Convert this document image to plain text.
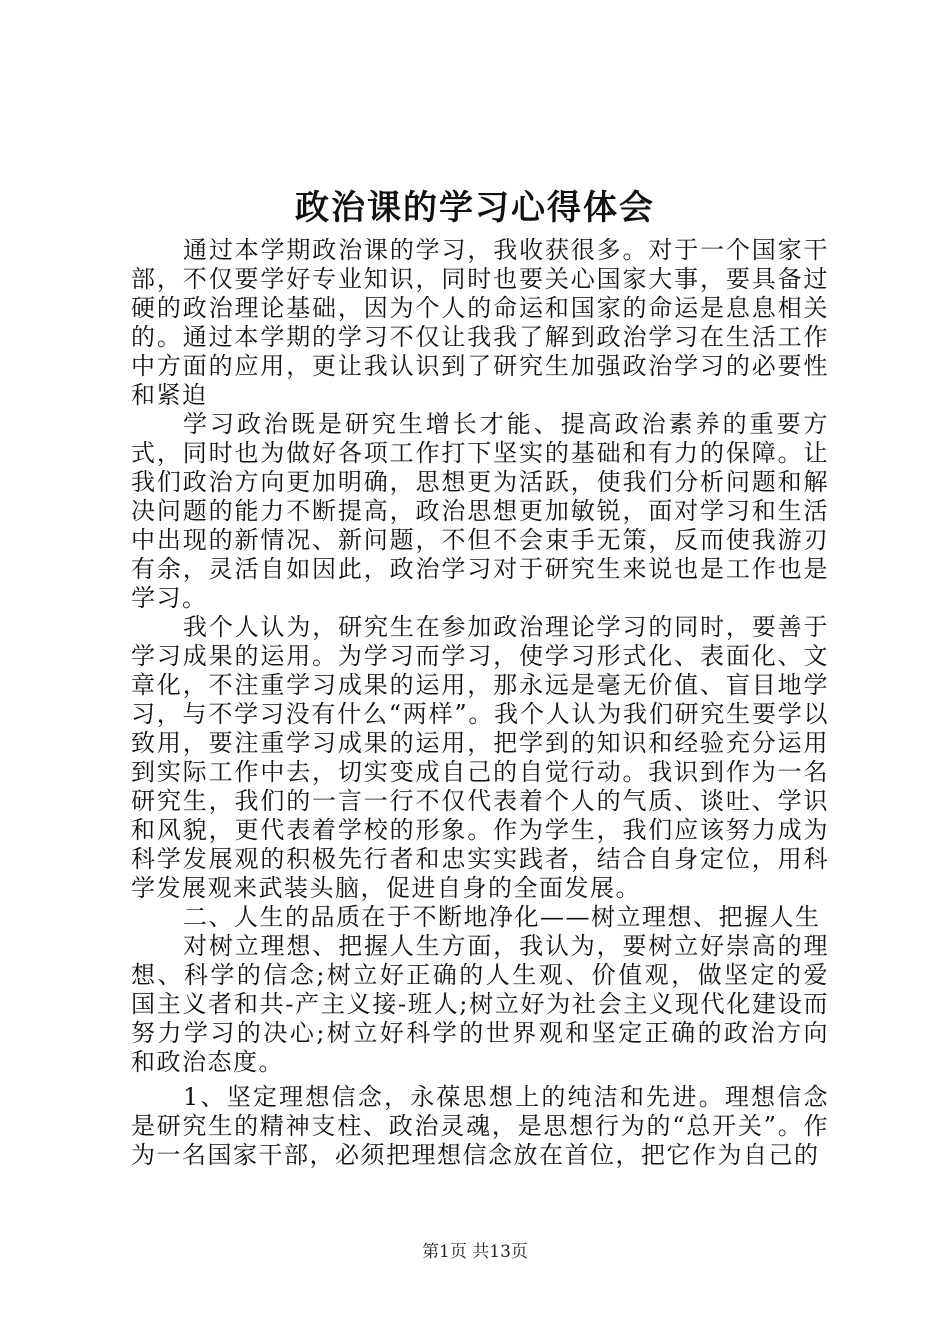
政治课的学习心得体会

通过本学期政治课的学习，我收获很多。对于一个国家干部，不仅要学好专业知识，同时也要关心国家大事，要具备过硬的政治理论基础，因为个人的命运和国家的命运是息息相关的。通过本学期的学习不仅让我我了解到政治学习在生活工作中方面的应用，更让我认识到了研究生加强政治学习的必要性和紧迫

学习政治既是研究生增长才能、提高政治素养的重要方式，同时也为做好各项工作打下坚实的基础和有力的保障。让我们政治方向更加明确，思想更为活跃，使我们分析问题和解决问题的能力不断提高，政治思想更加敏锐，面对学习和生活中出现的新情况、新问题，不但不会束手无策，反而使我游刃有余，灵活自如因此，政治学习对于研究生来说也是工作也是学习。

我个人认为，研究生在参加政治理论学习的同时，要善于学习成果的运用。为学习而学习，使学习形式化、表面化、文章化，不注重学习成果的运用，那永远是毫无价值、盲目地学习，与不学习没有什么“两样”。我个人认为我们研究生要学以致用，要注重学习成果的运用，把学到的知识和经验充分运用到实际工作中去，切实变成自己的自觉行动。我识到作为一名研究生，我们的一言一行不仅代表着个人的气质、谈吐、学识和风貌，更代表着学校的形象。作为学生，我们应该努力成为科学发展观的积极先行者和忠实实践者，结合自身定位，用科学发展观来武装头脑，促进自身的全面发展。

二、人生的品质在于不断地净化——树立理想、把握人生

对树立理想、把握人生方面，我认为，要树立好崇高的理想、科学的信念;树立好正确的人生观、价值观，做坚定的爱国主义者和共-产主义接-班人;树立好为社会主义现代化建设而努力学习的决心;树立好科学的世界观和坚定正确的政治方向和政治态度。

1、坚定理想信念，永葆思想上的纯洁和先进。理想信念是研究生的精神支柱、政治灵魂，是思想行为的“总开关”。作为一名国家干部，必须把理想信念放在首位，把它作为自己的

第1页 共13页
